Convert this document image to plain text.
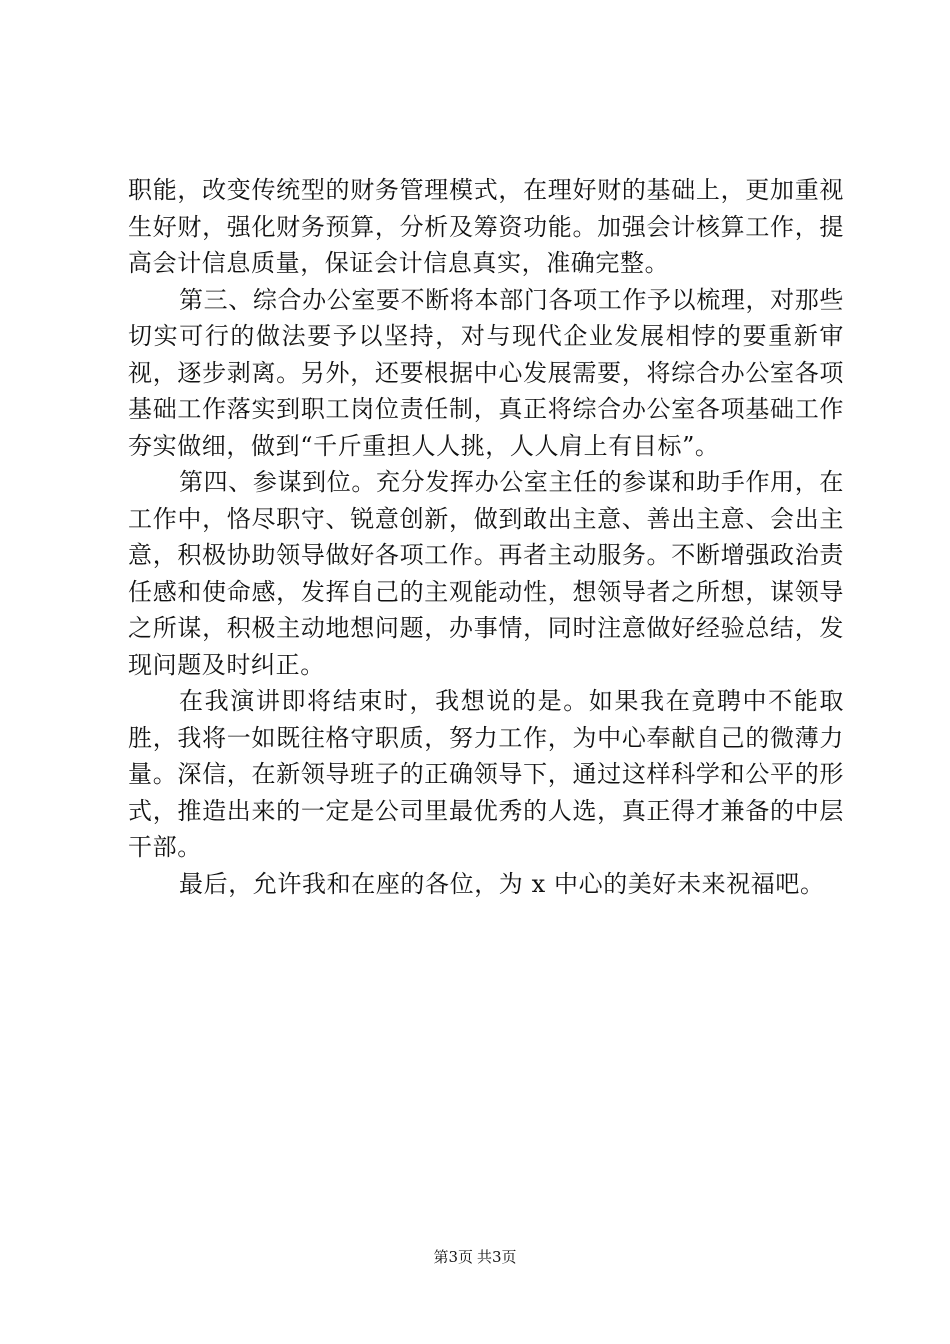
职能，改变传统型的财务管理模式，在理好财的基础上，更加重视生好财，强化财务预算，分析及筹资功能。加强会计核算工作，提高会计信息质量，保证会计信息真实，准确完整。

第三、综合办公室要不断将本部门各项工作予以梳理，对那些切实可行的做法要予以坚持，对与现代企业发展相悖的要重新审视，逐步剥离。另外，还要根据中心发展需要，将综合办公室各项基础工作落实到职工岗位责任制，真正将综合办公室各项基础工作夯实做细，做到“千斤重担人人挑，人人肩上有目标”。

第四、参谋到位。充分发挥办公室主任的参谋和助手作用，在工作中，恪尽职守、锐意创新，做到敢出主意、善出主意、会出主意，积极协助领导做好各项工作。再者主动服务。不断增强政治责任感和使命感，发挥自己的主观能动性，想领导者之所想，谋领导之所谋，积极主动地想问题，办事情，同时注意做好经验总结，发现问题及时纠正。

在我演讲即将结束时，我想说的是。如果我在竟聘中不能取胜，我将一如既往格守职质，努力工作，为中心奉献自己的微薄力量。深信，在新领导班子的正确领导下，通过这样科学和公平的形式，推造出来的一定是公司里最优秀的人选，真正得才兼备的中层干部。

最后，允许我和在座的各位，为 x 中心的美好未来祝福吧。

第3页 共3页
